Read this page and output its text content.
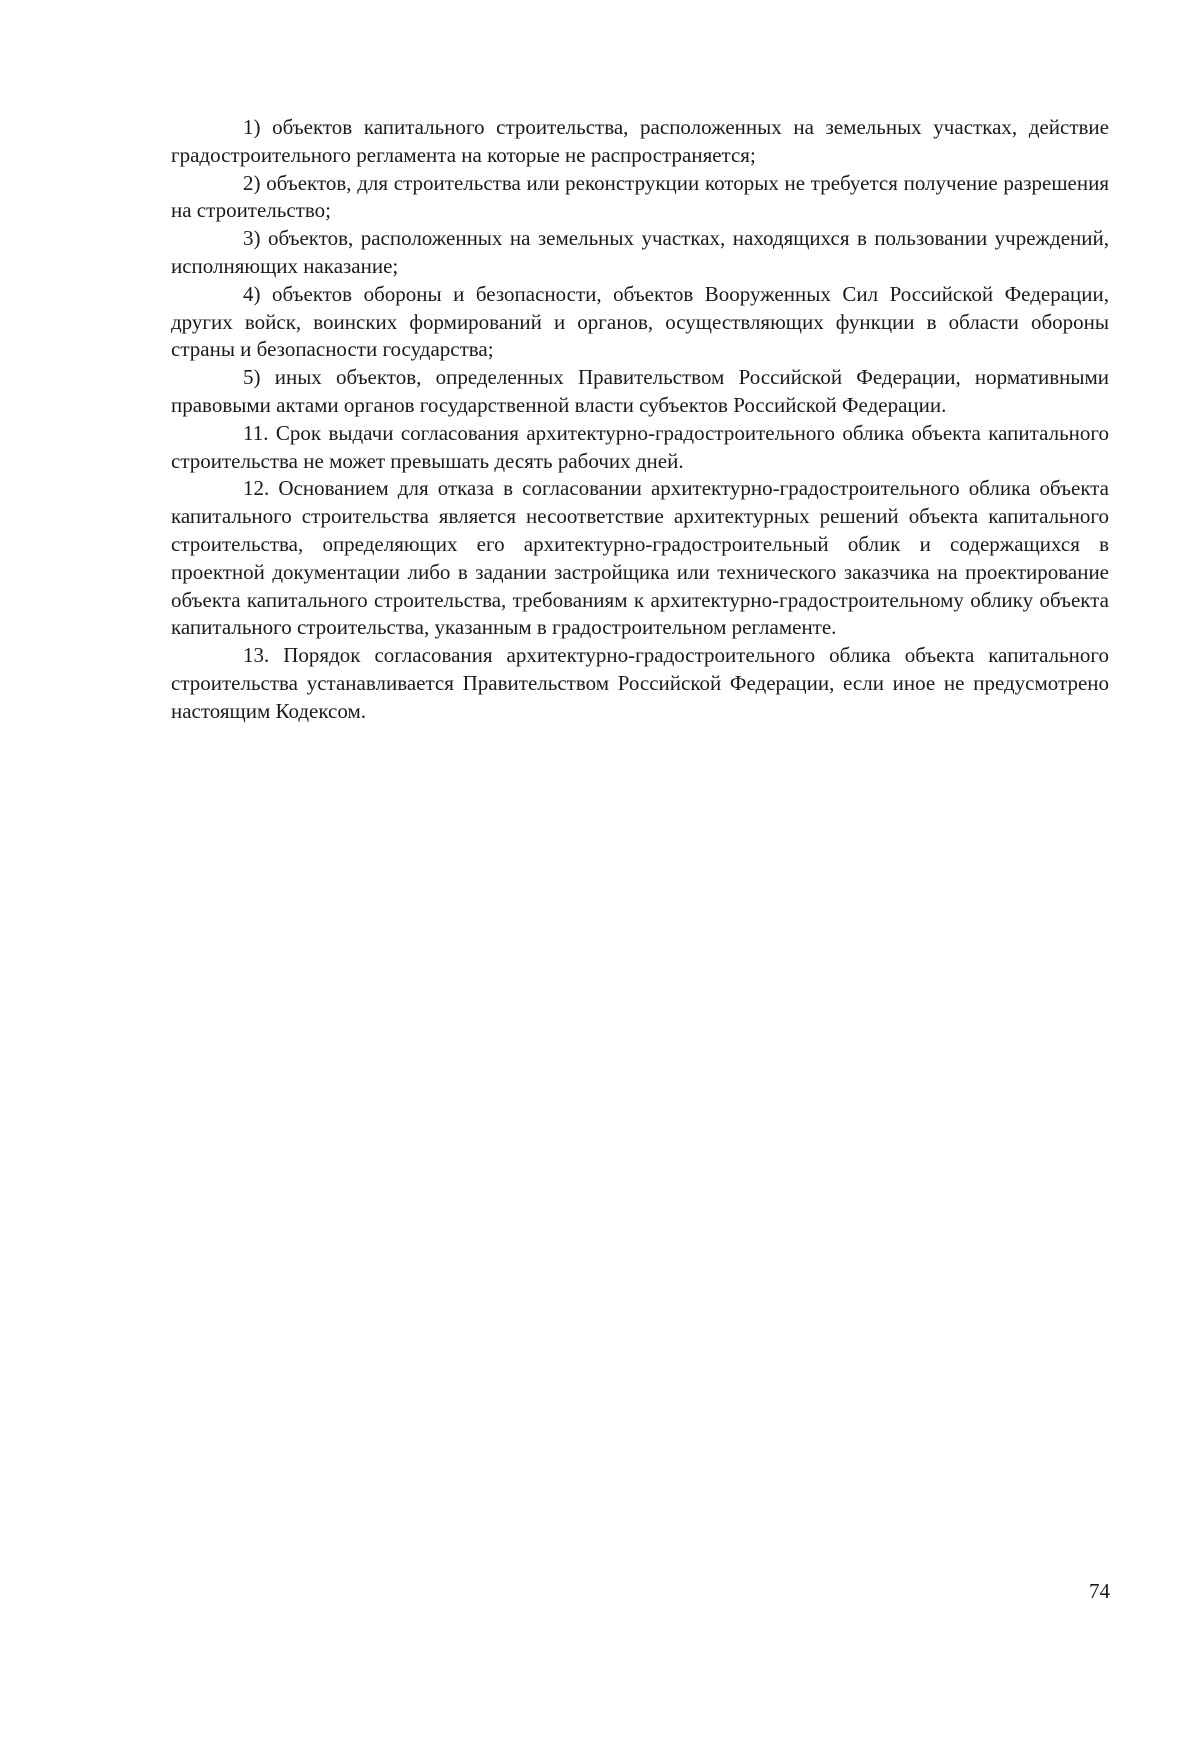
1) объектов капитального строительства, расположенных на земельных участках, действие градостроительного регламента на которые не распространяется;

2) объектов, для строительства или реконструкции которых не требуется получение разрешения на строительство;

3) объектов, расположенных на земельных участках, находящихся в пользовании учреждений, исполняющих наказание;

4) объектов обороны и безопасности, объектов Вооруженных Сил Российской Федерации, других войск, воинских формирований и органов, осуществляющих функции в области обороны страны и безопасности государства;

5) иных объектов, определенных Правительством Российской Федерации, нормативными правовыми актами органов государственной власти субъектов Российской Федерации.

11. Срок выдачи согласования архитектурно-градостроительного облика объекта капитального строительства не может превышать десять рабочих дней.

12. Основанием для отказа в согласовании архитектурно-градостроительного облика объекта капитального строительства является несоответствие архитектурных решений объекта капитального строительства, определяющих его архитектурно-градостроительный облик и содержащихся в проектной документации либо в задании застройщика или технического заказчика на проектирование объекта капитального строительства, требованиям к архитектурно-градостроительному облику объекта капитального строительства, указанным в градостроительном регламенте.

13. Порядок согласования архитектурно-градостроительного облика объекта капитального строительства устанавливается Правительством Российской Федерации, если иное не предусмотрено настоящим Кодексом.

74
